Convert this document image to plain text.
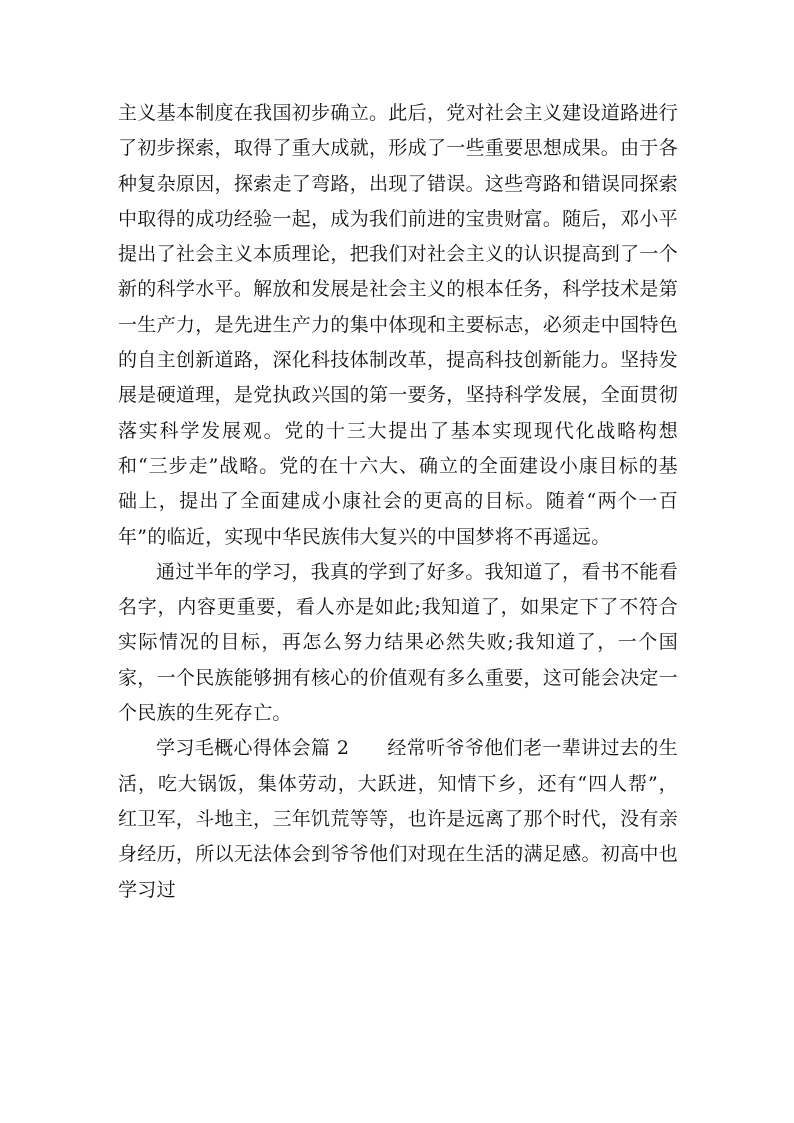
主义基本制度在我国初步确立。此后，党对社会主义建设道路进行了初步探索，取得了重大成就，形成了一些重要思想成果。由于各种复杂原因，探索走了弯路，出现了错误。这些弯路和错误同探索中取得的成功经验一起，成为我们前进的宝贵财富。随后，邓小平提出了社会主义本质理论，把我们对社会主义的认识提高到了一个新的科学水平。解放和发展是社会主义的根本任务，科学技术是第一生产力，是先进生产力的集中体现和主要标志，必须走中国特色的自主创新道路，深化科技体制改革，提高科技创新能力。坚持发展是硬道理，是党执政兴国的第一要务，坚持科学发展，全面贯彻落实科学发展观。党的十三大提出了基本实现现代化战略构想和“三步走”战略。党的在十六大、确立的全面建设小康目标的基础上，提出了全面建成小康社会的更高的目标。随着“两个一百年”的临近，实现中华民族伟大复兴的中国梦将不再遥远。

通过半年的学习，我真的学到了好多。我知道了，看书不能看名字，内容更重要，看人亦是如此;我知道了，如果定下了不符合实际情况的目标，再怎么努力结果必然失败;我知道了，一个国家，一个民族能够拥有核心的价值观有多么重要，这可能会决定一个民族的生死存亡。

学习毛概心得体会篇 2 经常听爷爷他们老一辈讲过去的生活，吃大锅饭，集体劳动，大跃进，知情下乡，还有“四人帮”，红卫军，斗地主，三年饥荒等等，也许是远离了那个时代，没有亲身经历，所以无法体会到爷爷他们对现在生活的满足感。初高中也学习过
